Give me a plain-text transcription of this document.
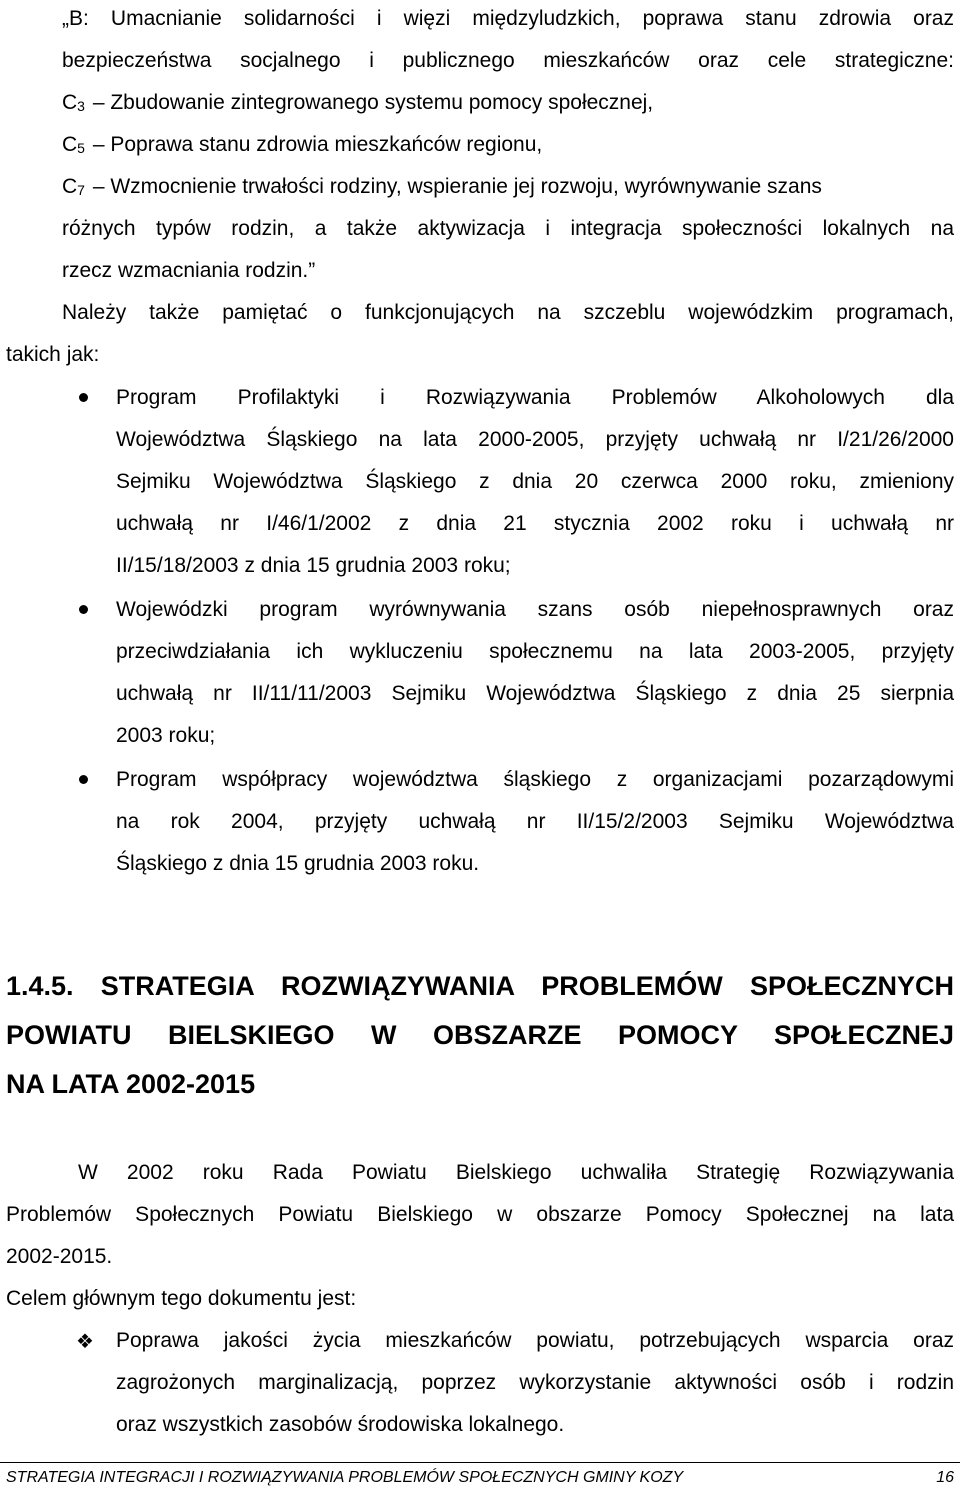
„B: Umacnianie solidarności i więzi międzyludzkich, poprawa stanu zdrowia oraz
bezpieczeństwa socjalnego i publicznego mieszkańców oraz cele strategiczne:
$C_3$ – Zbudowanie zintegrowanego systemu pomocy społecznej,
$C_5$ – Poprawa stanu zdrowia mieszkańców regionu,
$C_7$ – Wzmocnienie trwałości rodziny, wspieranie jej rozwoju, wyrównywanie szans
różnych typów rodzin, a także aktywizacja i integracja społeczności lokalnych na
rzecz wzmacniania rodzin.”
Należy także pamiętać o funkcjonujących na szczeblu wojewódzkim programach,
takich jak:
Program Profilaktyki i Rozwiązywania Problemów Alkoholowych dla
Województwa Śląskiego na lata 2000-2005, przyjęty uchwałą nr I/21/26/2000
Sejmiku Województwa Śląskiego z dnia 20 czerwca 2000 roku, zmieniony
uchwałą nr I/46/1/2002 z dnia 21 stycznia 2002 roku i uchwałą nr
II/15/18/2003 z dnia 15 grudnia 2003 roku;
Wojewódzki program wyrównywania szans osób niepełnosprawnych oraz
przeciwdziałania ich wykluczeniu społecznemu na lata 2003-2005, przyjęty
uchwałą nr II/11/11/2003 Sejmiku Województwa Śląskiego z dnia 25 sierpnia
2003 roku;
Program współpracy województwa śląskiego z organizacjami pozarządowymi
na rok 2004, przyjęty uchwałą nr II/15/2/2003 Sejmiku Województwa
Śląskiego z dnia 15 grudnia 2003 roku.
1.4.5. STRATEGIA ROZWIĄZYWANIA PROBLEMÓW SPOŁECZNYCH
POWIATU BIELSKIEGO W OBSZARZE POMOCY SPOŁECZNEJ
NA LATA 2002-2015
W 2002 roku Rada Powiatu Bielskiego uchwaliła Strategię Rozwiązywania
Problemów Społecznych Powiatu Bielskiego w obszarze Pomocy Społecznej na lata
2002-2015.
Celem głównym tego dokumentu jest:
❖ Poprawa jakości życia mieszkańców powiatu, potrzebujących wsparcia oraz
zagrożonych marginalizacją, poprzez wykorzystanie aktywności osób i rodzin
oraz wszystkich zasobów środowiska lokalnego.
STRATEGIA INTEGRACJI I ROZWIĄZYWANIA PROBLEMÓW SPOŁECZNYCH GMINY KOZY	16
